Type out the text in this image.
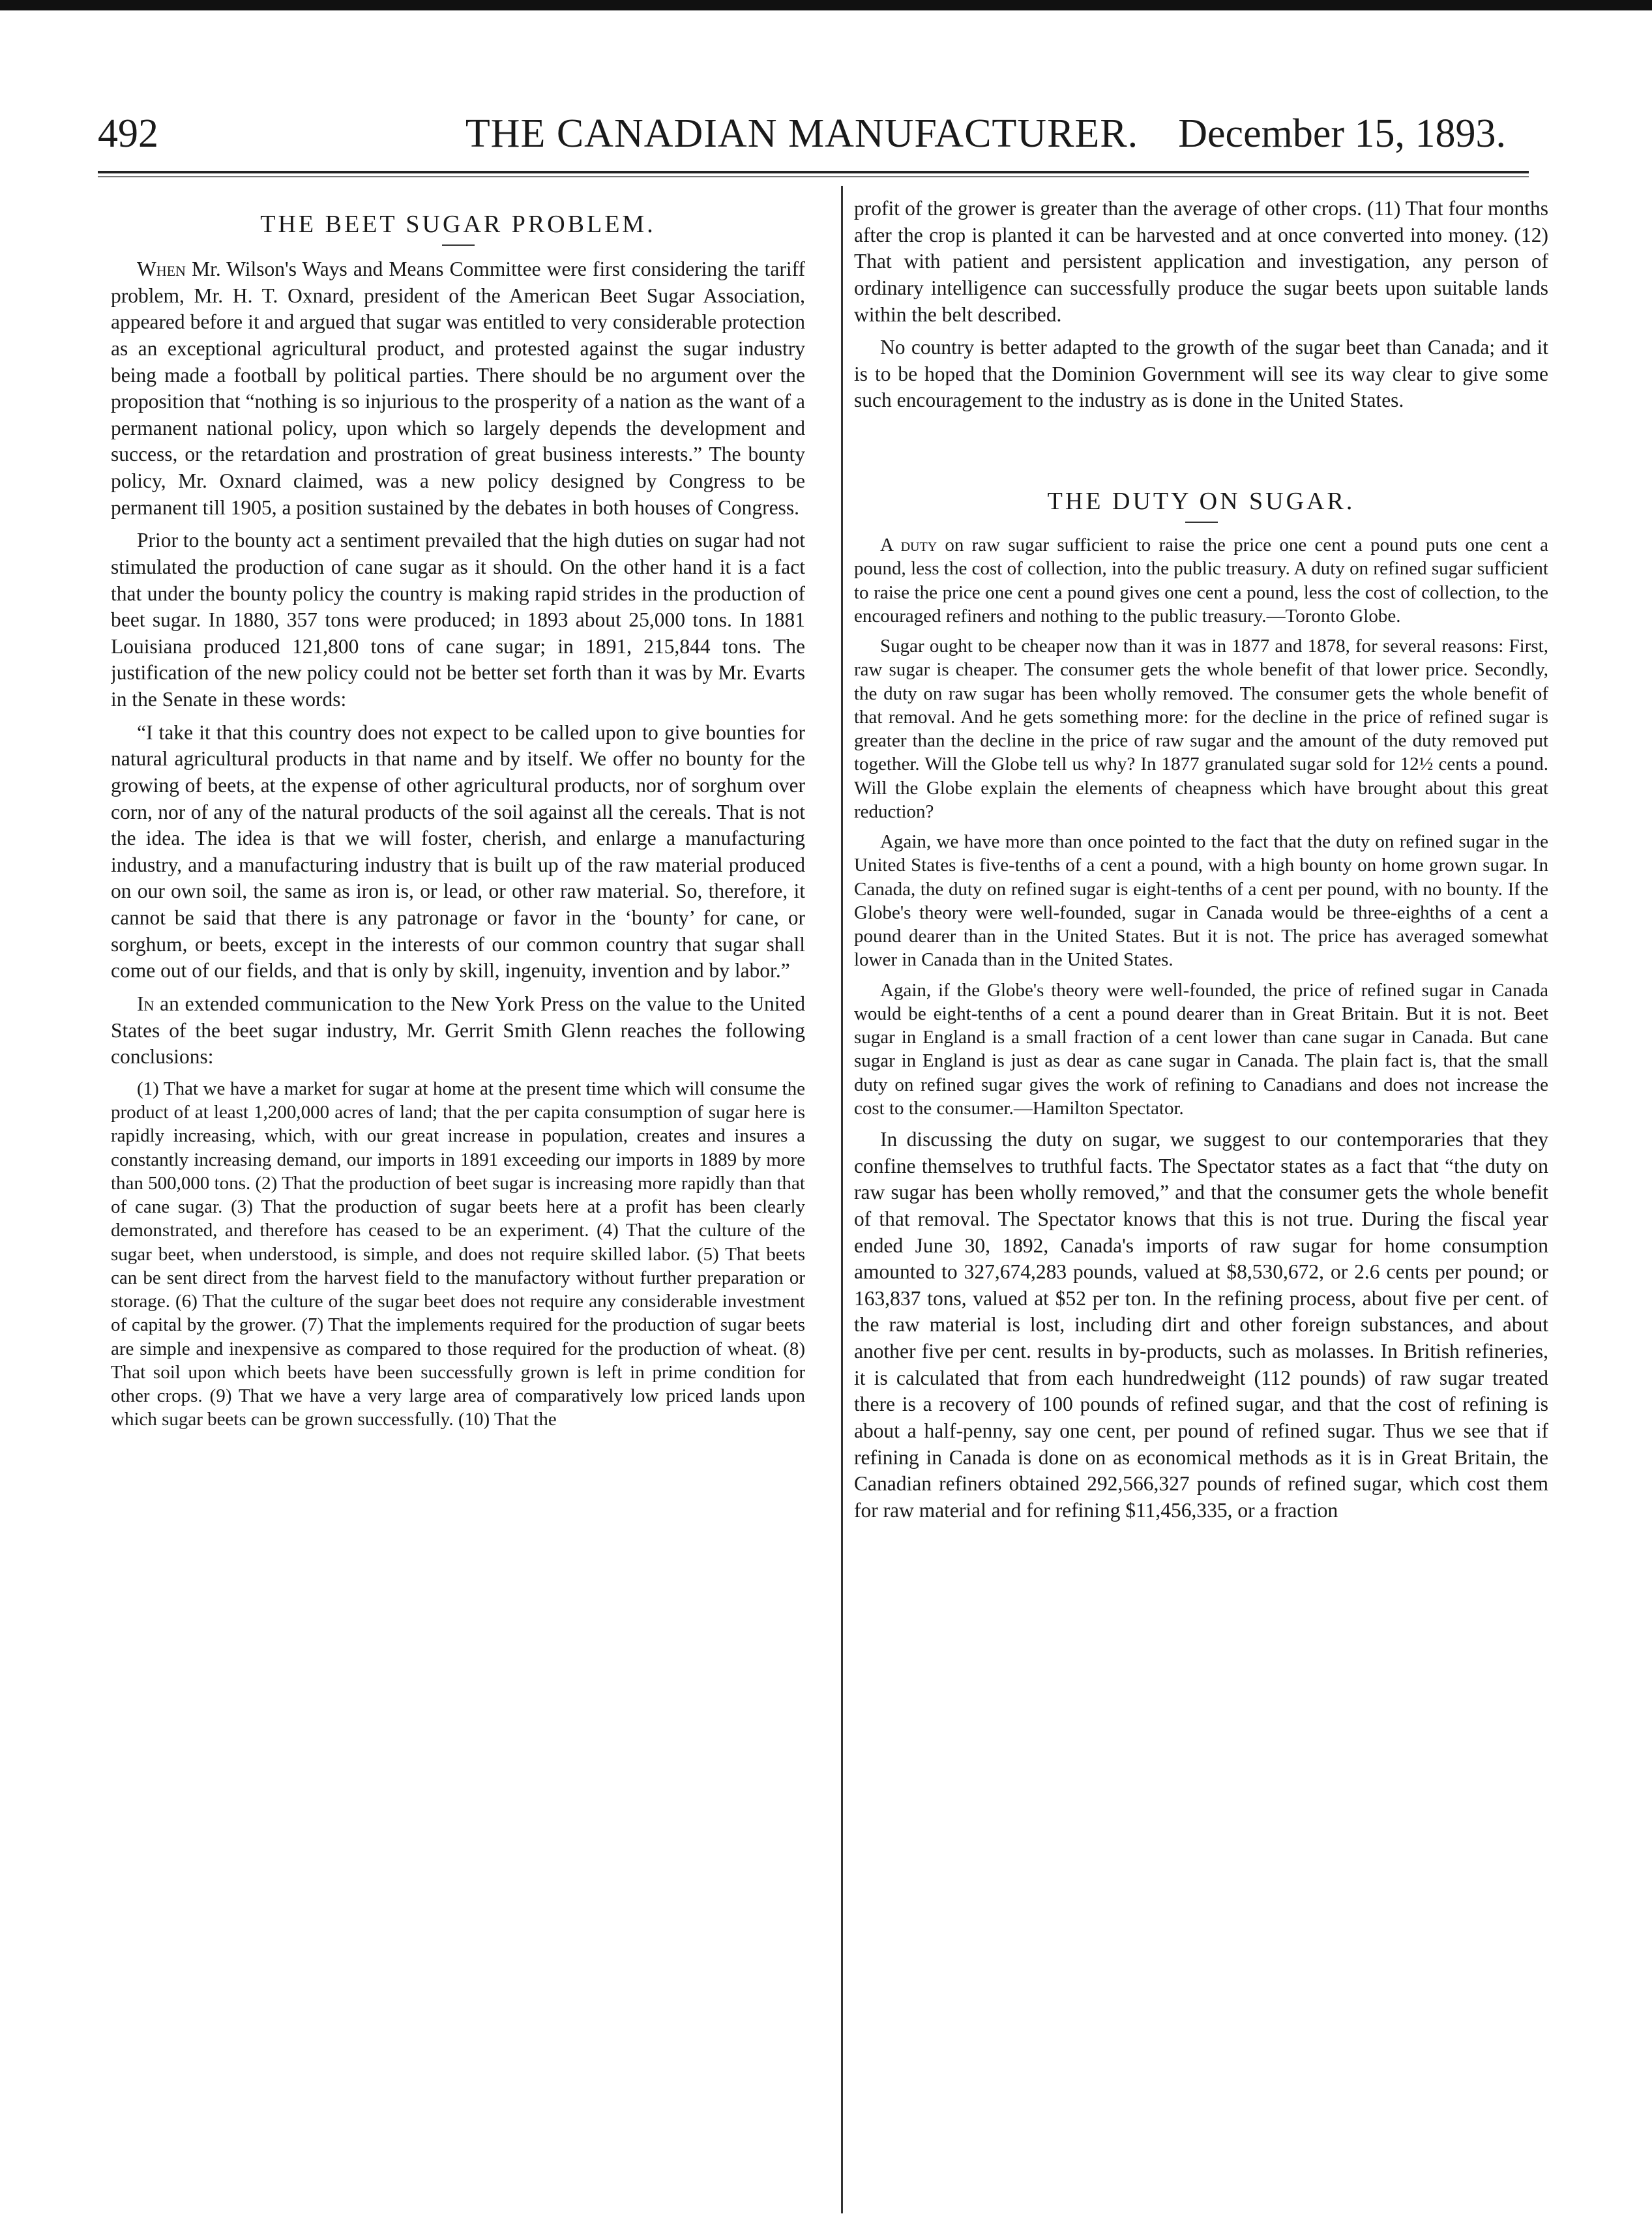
492	THE CANADIAN MANUFACTURER. December 15, 1893.
THE BEET SUGAR PROBLEM.

When Mr. Wilson's Ways and Means Committee were first considering the tariff problem, Mr. H. T. Oxnard, president of the American Beet Sugar Association, appeared before it and argued that sugar was entitled to very considerable protection as an exceptional agricultural product, and protested against the sugar industry being made a football by political parties. There should be no argument over the proposition that “nothing is so injurious to the prosperity of a nation as the want of a permanent national policy, upon which so largely depends the development and success, or the retardation and prostration of great business interests.” The bounty policy, Mr. Oxnard claimed, was a new policy designed by Congress to be permanent till 1905, a position sustained by the debates in both houses of Congress.

Prior to the bounty act a sentiment prevailed that the high duties on sugar had not stimulated the production of cane sugar as it should. On the other hand it is a fact that under the bounty policy the country is making rapid strides in the production of beet sugar. In 1880, 357 tons were produced; in 1893 about 25,000 tons. In 1881 Louisiana produced 121,800 tons of cane sugar; in 1891, 215,844 tons. The justification of the new policy could not be better set forth than it was by Mr. Evarts in the Senate in these words:

“I take it that this country does not expect to be called upon to give bounties for natural agricultural products in that name and by itself. We offer no bounty for the growing of beets, at the expense of other agricultural products, nor of sorghum over corn, nor of any of the natural products of the soil against all the cereals. That is not the idea. The idea is that we will foster, cherish, and enlarge a manufacturing industry, and a manufacturing industry that is built up of the raw material produced on our own soil, the same as iron is, or lead, or other raw material. So, therefore, it cannot be said that there is any patronage or favor in the ‘bounty’ for cane, or sorghum, or beets, except in the interests of our common country that sugar shall come out of our fields, and that is only by skill, ingenuity, invention and by labor.”

In an extended communication to the New York Press on the value to the United States of the beet sugar industry, Mr. Gerrit Smith Glenn reaches the following conclusions:

(1) That we have a market for sugar at home at the present time which will consume the product of at least 1,200,000 acres of land; that the per capita consumption of sugar here is rapidly increasing, which, with our great increase in population, creates and insures a constantly increasing demand, our imports in 1891 exceeding our imports in 1889 by more than 500,000 tons. (2) That the production of beet sugar is increasing more rapidly than that of cane sugar. (3) That the production of sugar beets here at a profit has been clearly demonstrated, and therefore has ceased to be an experiment. (4) That the culture of the sugar beet, when understood, is simple, and does not require skilled labor. (5) That beets can be sent direct from the harvest field to the manufactory without further preparation or storage. (6) That the culture of the sugar beet does not require any considerable investment of capital by the grower. (7) That the implements required for the production of sugar beets are simple and inexpensive as compared to those required for the production of wheat. (8) That soil upon which beets have been successfully grown is left in prime condition for other crops. (9) That we have a very large area of comparatively low priced lands upon which sugar beets can be grown successfully. (10) That the

profit of the grower is greater than the average of other crops. (11) That four months after the crop is planted it can be harvested and at once converted into money. (12) That with patient and persistent application and investigation, any person of ordinary intelligence can successfully produce the sugar beets upon suitable lands within the belt described.

No country is better adapted to the growth of the sugar beet than Canada; and it is to be hoped that the Dominion Government will see its way clear to give some such encouragement to the industry as is done in the United States.

THE DUTY ON SUGAR.

A duty on raw sugar sufficient to raise the price one cent a pound puts one cent a pound, less the cost of collection, into the public treasury. A duty on refined sugar sufficient to raise the price one cent a pound gives one cent a pound, less the cost of collection, to the encouraged refiners and nothing to the public treasury.—Toronto Globe.

Sugar ought to be cheaper now than it was in 1877 and 1878, for several reasons: First, raw sugar is cheaper. The consumer gets the whole benefit of that lower price. Secondly, the duty on raw sugar has been wholly removed. The consumer gets the whole benefit of that removal. And he gets something more: for the decline in the price of refined sugar is greater than the decline in the price of raw sugar and the amount of the duty removed put together. Will the Globe tell us why? In 1877 granulated sugar sold for 12½ cents a pound. Will the Globe explain the elements of cheapness which have brought about this great reduction?

Again, we have more than once pointed to the fact that the duty on refined sugar in the United States is five-tenths of a cent a pound, with a high bounty on home grown sugar. In Canada, the duty on refined sugar is eight-tenths of a cent per pound, with no bounty. If the Globe's theory were well-founded, sugar in Canada would be three-eighths of a cent a pound dearer than in the United States. But it is not. The price has averaged somewhat lower in Canada than in the United States.

Again, if the Globe's theory were well-founded, the price of refined sugar in Canada would be eight-tenths of a cent a pound dearer than in Great Britain. But it is not. Beet sugar in England is a small fraction of a cent lower than cane sugar in Canada. But cane sugar in England is just as dear as cane sugar in Canada. The plain fact is, that the small duty on refined sugar gives the work of refining to Canadians and does not increase the cost to the consumer.—Hamilton Spectator.

In discussing the duty on sugar, we suggest to our contemporaries that they confine themselves to truthful facts. The Spectator states as a fact that “the duty on raw sugar has been wholly removed,” and that the consumer gets the whole benefit of that removal. The Spectator knows that this is not true. During the fiscal year ended June 30, 1892, Canada's imports of raw sugar for home consumption amounted to 327,674,283 pounds, valued at $8,530,672, or 2.6 cents per pound; or 163,837 tons, valued at $52 per ton. In the refining process, about five per cent. of the raw material is lost, including dirt and other foreign substances, and about another five per cent. results in by-products, such as molasses. In British refineries, it is calculated that from each hundredweight (112 pounds) of raw sugar treated there is a recovery of 100 pounds of refined sugar, and that the cost of refining is about a half-penny, say one cent, per pound of refined sugar. Thus we see that if refining in Canada is done on as economical methods as it is in Great Britain, the Canadian refiners obtained 292,566,327 pounds of refined sugar, which cost them for raw material and for refining $11,456,335, or a fraction
